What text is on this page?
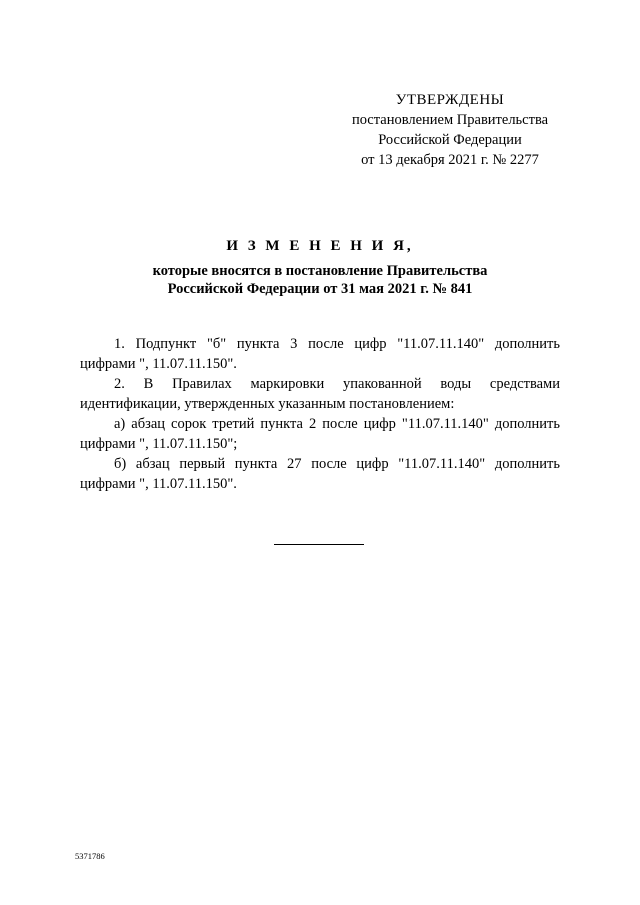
УТВЕРЖДЕНЫ
постановлением Правительства
Российской Федерации
от 13 декабря 2021 г. № 2277
И З М Е Н Е Н И Я,
которые вносятся в постановление Правительства
Российской Федерации от 31 мая 2021 г. № 841

1. Подпункт "б" пункта 3 после цифр "11.07.11.140" дополнить цифрами ", 11.07.11.150".

2. В Правилах маркировки упакованной воды средствами идентификации, утвержденных указанным постановлением:

а) абзац сорок третий пункта 2 после цифр "11.07.11.140" дополнить цифрами ", 11.07.11.150";

б) абзац первый пункта 27 после цифр "11.07.11.140" дополнить цифрами ", 11.07.11.150".

5371786
